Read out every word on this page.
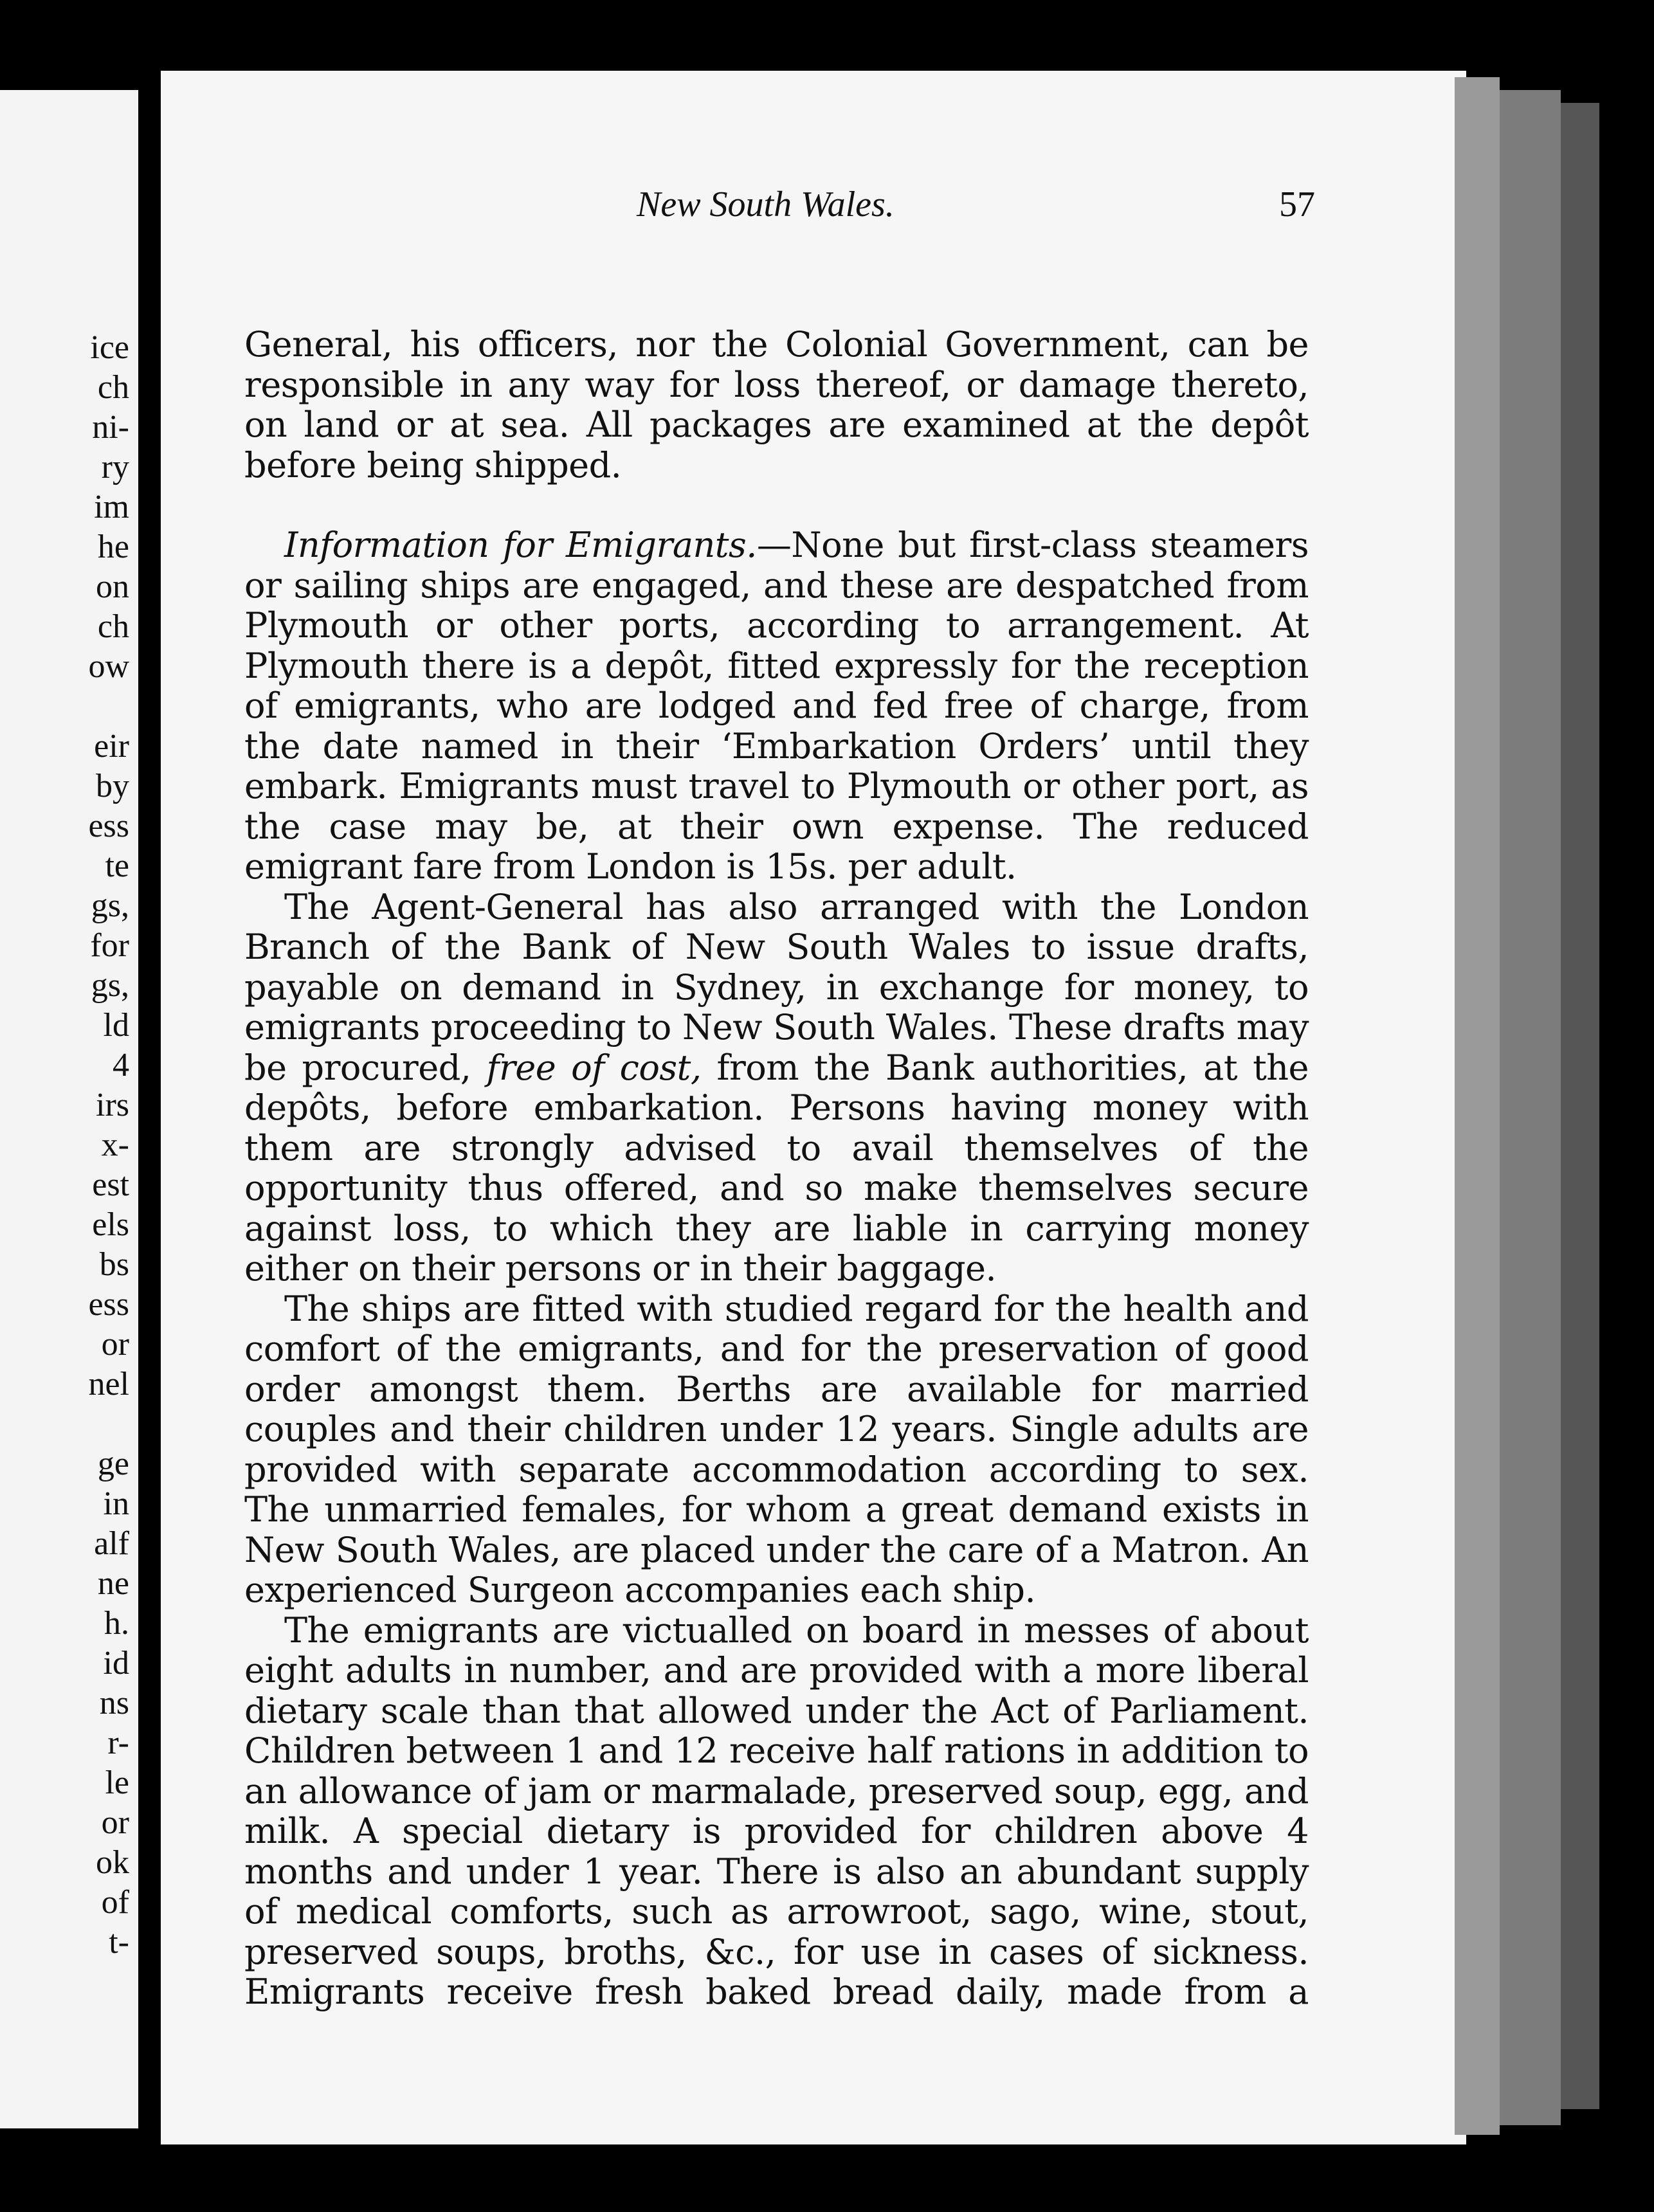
ice
ch
ni-
ry
im
he
on
ch
ow
eir
by
ess
te
gs,
for
gs,
ld
4
irs
x-
est
els
bs
ess
or
nel
ge
in
alf
ne
h.
id
ns
r-
le
or
ok
of
t-
New South Wales.	57

General, his officers, nor the Colonial Government, can be responsible in any way for loss thereof, or damage thereto, on land or at sea. All packages are examined at the depôt before being shipped.

Information for Emigrants.—None but first-class steamers or sailing ships are engaged, and these are despatched from Plymouth or other ports, according to arrangement. At Plymouth there is a depôt, fitted expressly for the reception of emigrants, who are lodged and fed free of charge, from the date named in their ‘Embarkation Orders’ until they embark. Emigrants must travel to Plymouth or other port, as the case may be, at their own expense. The reduced emigrant fare from London is 15s. per adult.

The Agent-General has also arranged with the London Branch of the Bank of New South Wales to issue drafts, payable on demand in Sydney, in exchange for money, to emigrants proceeding to New South Wales. These drafts may be procured, free of cost, from the Bank authorities, at the depôts, before embarkation. Persons having money with them are strongly advised to avail themselves of the opportunity thus offered, and so make themselves secure against loss, to which they are liable in carrying money either on their persons or in their baggage.

The ships are fitted with studied regard for the health and comfort of the emigrants, and for the preservation of good order amongst them. Berths are available for married couples and their children under 12 years. Single adults are provided with separate accommodation according to sex. The unmarried females, for whom a great demand exists in New South Wales, are placed under the care of a Matron. An experienced Surgeon accompanies each ship.

The emigrants are victualled on board in messes of about eight adults in number, and are provided with a more liberal dietary scale than that allowed under the Act of Parliament. Children between 1 and 12 receive half rations in addition to an allowance of jam or marmalade, preserved soup, egg, and milk. A special dietary is provided for children above 4 months and under 1 year. There is also an abundant supply of medical comforts, such as arrowroot, sago, wine, stout, preserved soups, broths, &c., for use in cases of sickness. Emigrants receive fresh baked bread daily, made from a
